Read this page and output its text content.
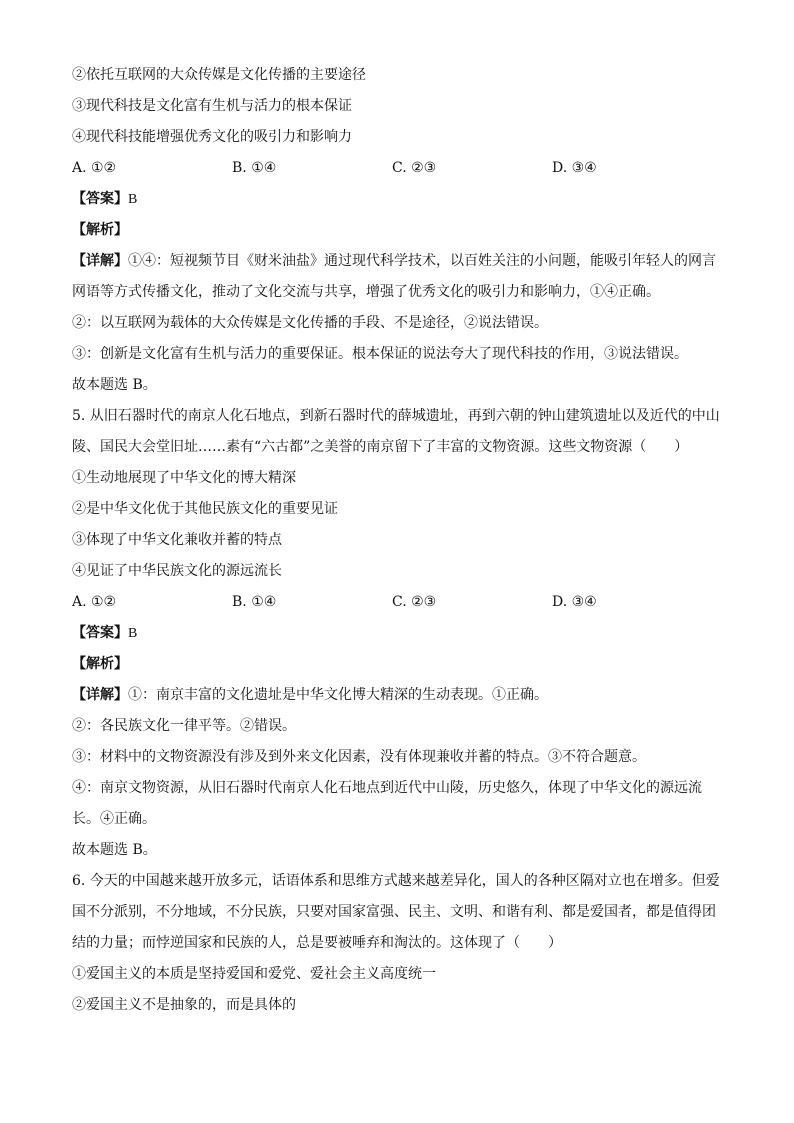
②依托互联网的大众传媒是文化传播的主要途径
③现代科技是文化富有生机与活力的根本保证
④现代科技能增强优秀文化的吸引力和影响力
A. ①②	B. ①④	C. ②③	D. ③④
【答案】B
【解析】
【详解】①④：短视频节目《财米油盐》通过现代科学技术，以百姓关注的小问题，能吸引年轻人的网言
网语等方式传播文化，推动了文化交流与共享，增强了优秀文化的吸引力和影响力，①④正确。
②：以互联网为载体的大众传媒是文化传播的手段、不是途径，②说法错误。
③：创新是文化富有生机与活力的重要保证。根本保证的说法夸大了现代科技的作用，③说法错误。
故本题选 B。
5. 从旧石器时代的南京人化石地点，到新石器时代的薛城遗址，再到六朝的钟山建筑遗址以及近代的中山
陵、国民大会堂旧址……素有“六古都”之美誉的南京留下了丰富的文物资源。这些文物资源（　　）
①生动地展现了中华文化的博大精深
②是中华文化优于其他民族文化的重要见证
③体现了中华文化兼收并蓄的特点
④见证了中华民族文化的源远流长
A. ①②	B. ①④	C. ②③	D. ③④
【答案】B
【解析】
【详解】①：南京丰富的文化遗址是中华文化博大精深的生动表现。①正确。
②：各民族文化一律平等。②错误。
③：材料中的文物资源没有涉及到外来文化因素，没有体现兼收并蓄的特点。③不符合题意。
④：南京文物资源，从旧石器时代南京人化石地点到近代中山陵，历史悠久，体现了中华文化的源远流
长。④正确。
故本题选 B。
6. 今天的中国越来越开放多元，话语体系和思维方式越来越差异化，国人的各种区隔对立也在增多。但爱
国不分派别，不分地域，不分民族，只要对国家富强、民主、文明、和谐有利、都是爱国者，都是值得团
结的力量；而悖逆国家和民族的人，总是要被唾弃和淘汰的。这体现了（　　）
①爱国主义的本质是坚持爱国和爱党、爱社会主义高度统一
②爱国主义不是抽象的，而是具体的
